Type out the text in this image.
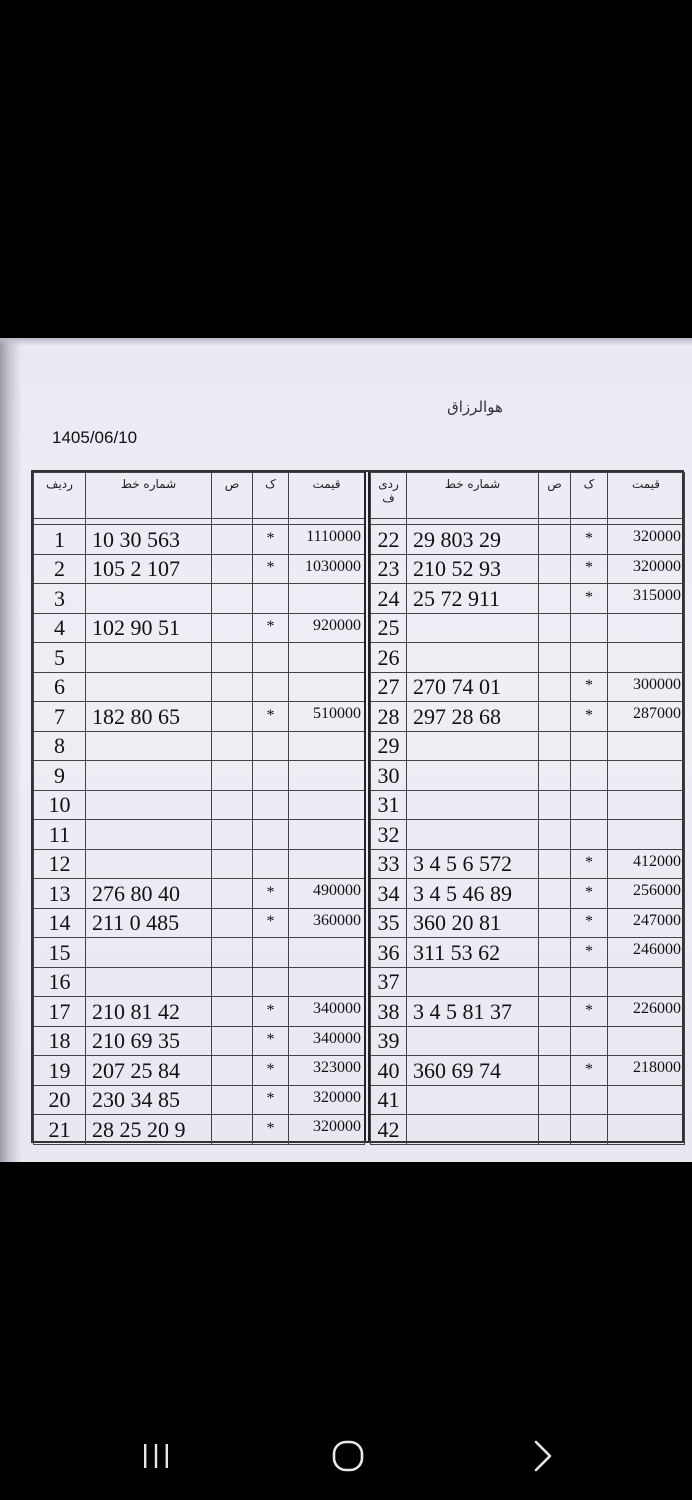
هوالرزاق
1405/06/10
ردیف	شماره خط	ص	ک	قیمت

1	10 30 563		*	1110000
2	105 2 107		*	1030000
3				
4	102 90 51		*	920000
5				
6				
7	182 80 65		*	510000
8				
9				
10				
11				
12				
13	276 80 40		*	490000
14	211 0 485		*	360000
15				
16				
17	210 81 42		*	340000
18	210 69 35		*	340000
19	207 25 84		*	323000
20	230 34 85		*	320000
21	28 25 20 9		*	320000
ردی ف	شماره خط	ص	ک	قیمت

22	29 803 29		*	320000
23	210 52 93		*	320000
24	25 72 911		*	315000
25				
26				
27	270 74 01		*	300000
28	297 28 68		*	287000
29				
30				
31				
32				
33	3 4 5 6 572		*	412000
34	3 4 5 46 89		*	256000
35	360 20 81		*	247000
36	311 53 62		*	246000
37				
38	3 4 5 81 37		*	226000
39				
40	360 69 74		*	218000
41				
42				
